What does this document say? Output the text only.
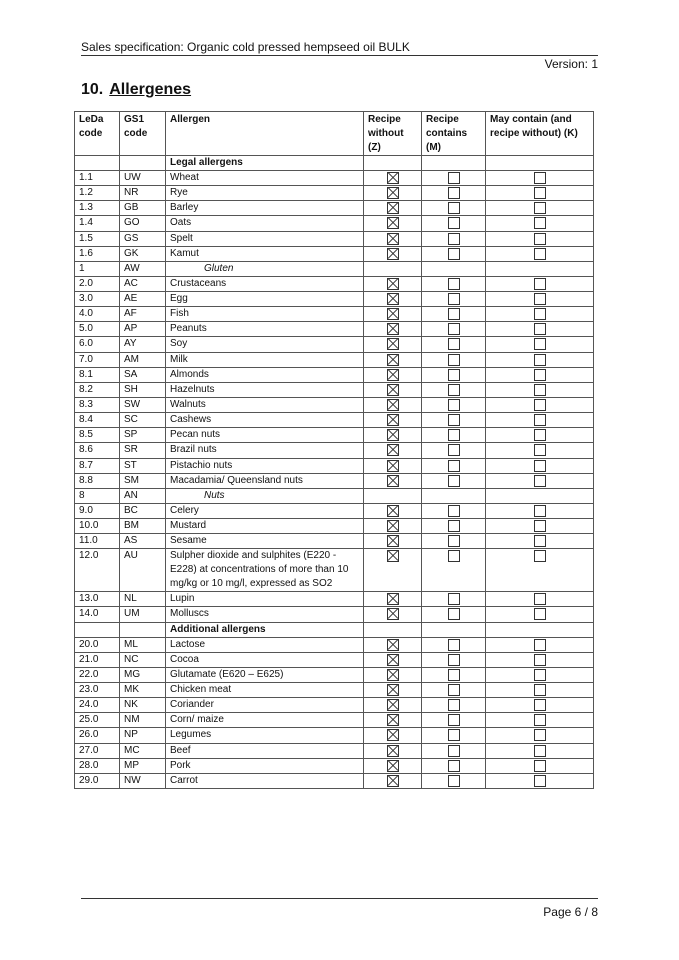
Sales specification: Organic cold pressed hempseed oil BULK
Version: 1
10. Allergenes
LeDa code	GS1 code	Allergen	Recipe without (Z)	Recipe contains (M)	May contain (and recipe without) (K)
		Legal allergens			
1.1	UW	Wheat			
1.2	NR	Rye			
1.3	GB	Barley			
1.4	GO	Oats			
1.5	GS	Spelt			
1.6	GK	Kamut			
1	AW	Gluten			
2.0	AC	Crustaceans			
3.0	AE	Egg			
4.0	AF	Fish			
5.0	AP	Peanuts			
6.0	AY	Soy			
7.0	AM	Milk			
8.1	SA	Almonds			
8.2	SH	Hazelnuts			
8.3	SW	Walnuts			
8.4	SC	Cashews			
8.5	SP	Pecan nuts			
8.6	SR	Brazil nuts			
8.7	ST	Pistachio nuts			
8.8	SM	Macadamia/ Queensland nuts			
8	AN	Nuts			
9.0	BC	Celery			
10.0	BM	Mustard			
11.0	AS	Sesame			
12.0	AU	Sulpher dioxide and sulphites (E220 - E228) at concentrations of more than 10 mg/kg or 10 mg/l, expressed as SO2			
13.0	NL	Lupin			
14.0	UM	Molluscs			
		Additional allergens			
20.0	ML	Lactose			
21.0	NC	Cocoa			
22.0	MG	Glutamate (E620 – E625)			
23.0	MK	Chicken meat			
24.0	NK	Coriander			
25.0	NM	Corn/ maize			
26.0	NP	Legumes			
27.0	MC	Beef			
28.0	MP	Pork			
29.0	NW	Carrot			
Page 6 / 8
